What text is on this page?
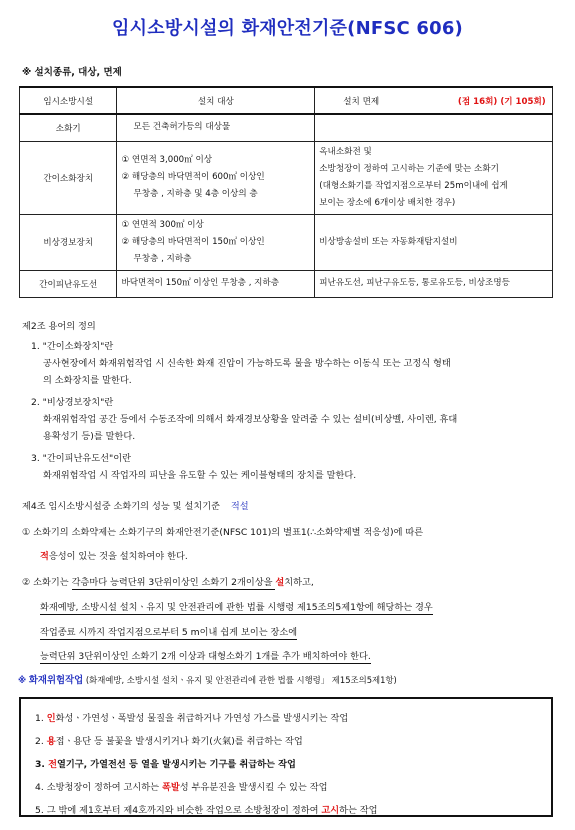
임시소방시설의 화재안전기준(NFSC 606)
※ 설치종류, 대상, 면제
임시소방시설	설치 대상	설치 면제 (점 16회) (기 105회)
소화기	모든 건축허가등의 대상물	

간이소화장치	① 연면적 3,000㎡ 이상
② 해당층의 바닥면적이 600㎡ 이상인
무창층 , 지하층 및 4층 이상의 층	옥내소화전 및
소방청장이 정하여 고시하는 기준에 맞는 소화기
(대형소화기를 작업지점으로부터 25m이내에 쉽게
보이는 장소에 6개이상 배치한 경우)

비상경보장치	① 연면적 300㎡ 이상
② 해당층의 바닥면적이 150㎡ 이상인
무창층 , 지하층	비상방송설비 또는 자동화재탐지설비

간이피난유도선	바닥면적이 150㎡ 이상인 무창층 , 지하층	피난유도선, 피난구유도등, 통로유도등, 비상조명등
제2조 용어의 정의
1. "간이소화장치"란
공사현장에서 화재위험작업 시 신속한 화재 진압이 가능하도록 물을 방수하는 이동식 또는 고정식 형태
의 소화장치를 말한다.
2. "비상경보장치"란
화재위험작업 공간 등에서 수동조작에 의해서 화재경보상황을 알려줄 수 있는 설비(비상벨, 사이렌, 휴대
용확성기 등)를 말한다.
3. "간이피난유도선"이란
화재위험작업 시 작업자의 피난을 유도할 수 있는 케이블형태의 장치를 말한다.
제4조 임시소방시설중 소화기의 성능 및 설치기준 적설
① 소화기의 소화약제는 소화기구의 화재안전기준(NFSC 101)의 별표1(∴소화약제별 적응성)에 따른
적응성이 있는 것을 설치하여야 한다.
② 소화기는 각층마다 능력단위 3단위이상인 소화기 2개이상을 설치하고,
화재예방, 소방시설 설치ㆍ유지 및 안전관리에 관한 법률 시행령 제15조의5제1항에 해당하는 경우
작업종료 시까지 작업지점으로부터 5 m이내 쉽게 보이는 장소에
능력단위 3단위이상인 소화기 2개 이상과 대형소화기 1개를 추가 배치하여야 한다.
※ 화재위험작업 (화재예방, 소방시설 설치ㆍ유지 및 안전관리에 관한 법률 시행령」 제15조의5제1항)
1. 인화성ㆍ가연성ㆍ폭발성 물질을 취급하거나 가연성 가스를 발생시키는 작업
2. 용접ㆍ용단 등 불꽃을 발생시키거나 화기(火氣)를 취급하는 작업
3. 전열기구, 가열전선 등 열을 발생시키는 기구를 취급하는 작업
4. 소방청장이 정하여 고시하는 폭발성 부유분진을 발생시킬 수 있는 작업
5. 그 밖에 제1호부터 제4호까지와 비슷한 작업으로 소방청장이 정하여 고시하는 작업
